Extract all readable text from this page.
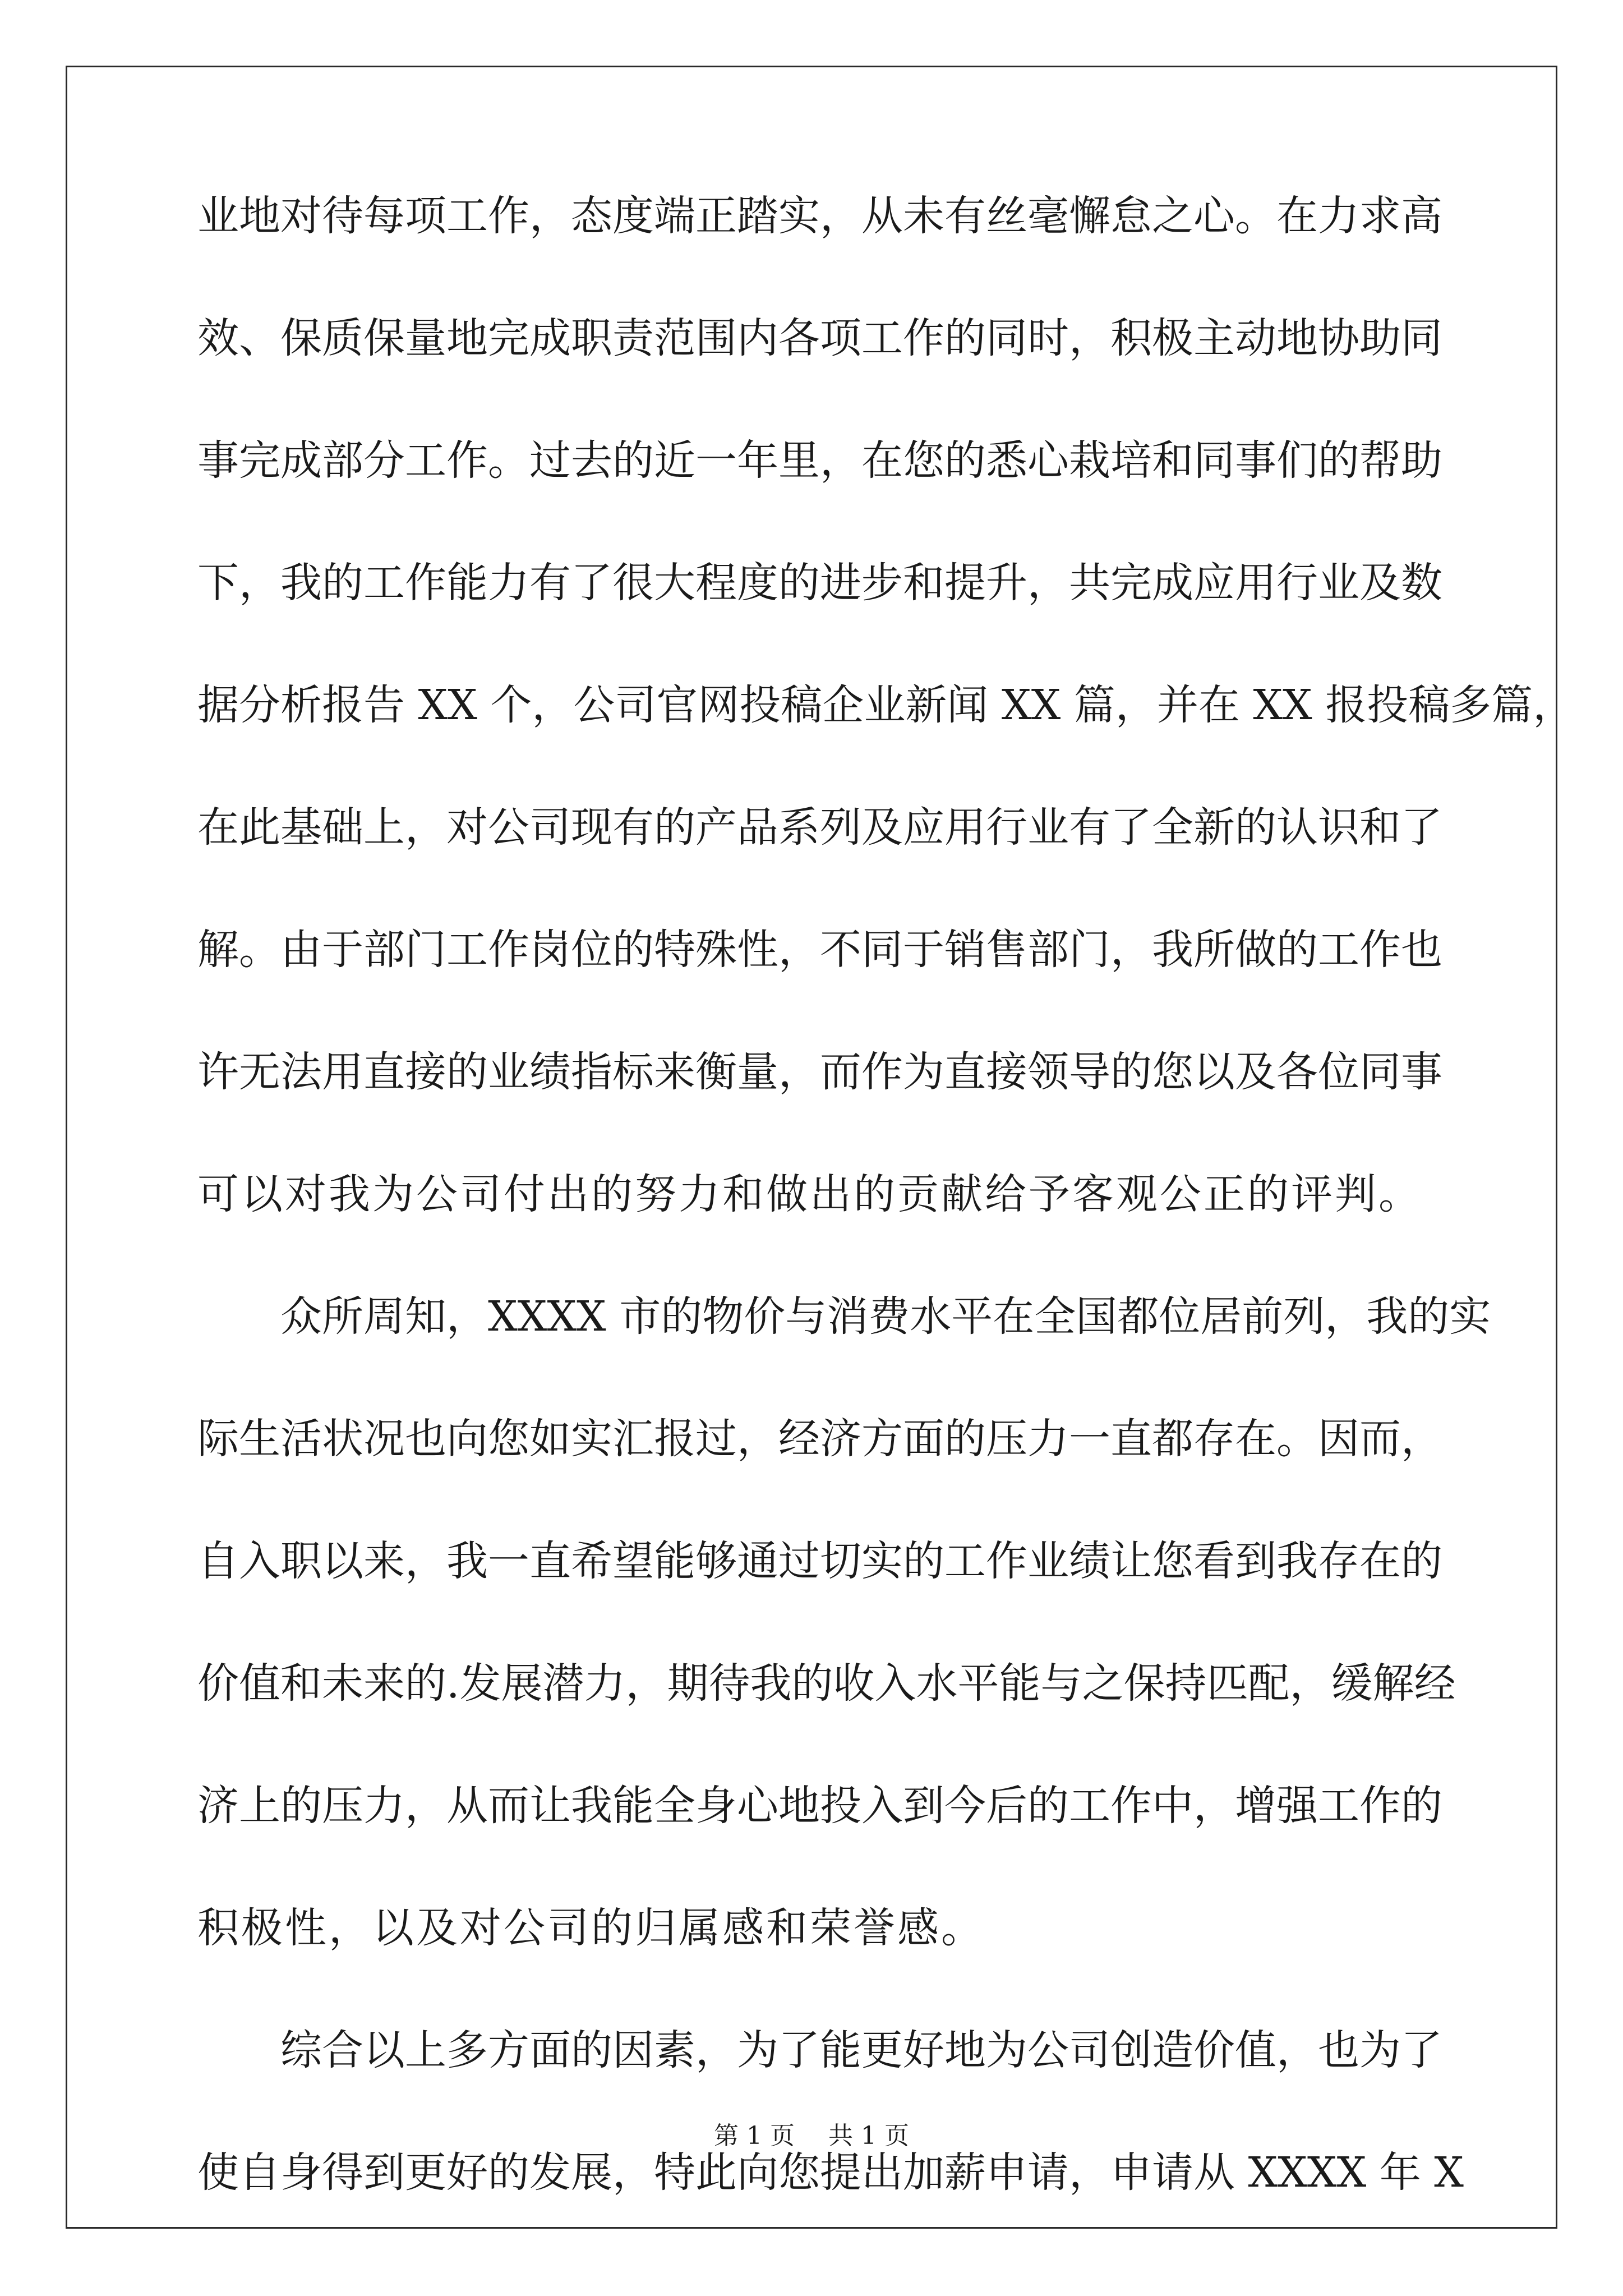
业地对待每项工作，态度端正踏实，从未有丝毫懈怠之心。在力求高
效、保质保量地完成职责范围内各项工作的同时，积极主动地协助同
事完成部分工作。过去的近一年里，在您的悉心栽培和同事们的帮助
下，我的工作能力有了很大程度的进步和提升，共完成应用行业及数
据分析报告 XX 个，公司官网投稿企业新闻 XX 篇，并在 XX 报投稿多篇，
在此基础上，对公司现有的产品系列及应用行业有了全新的认识和了
解。由于部门工作岗位的特殊性，不同于销售部门，我所做的工作也
许无法用直接的业绩指标来衡量，而作为直接领导的您以及各位同事
可以对我为公司付出的努力和做出的贡献给予客观公正的评判。
众所周知，XXXX 市的物价与消费水平在全国都位居前列，我的实
际生活状况也向您如实汇报过，经济方面的压力一直都存在。因而，
自入职以来，我一直希望能够通过切实的工作业绩让您看到我存在的
价值和未来的.发展潜力，期待我的收入水平能与之保持匹配，缓解经
济上的压力，从而让我能全身心地投入到今后的工作中，增强工作的
积极性，以及对公司的归属感和荣誉感。
综合以上多方面的因素，为了能更好地为公司创造价值，也为了
使自身得到更好的发展，特此向您提出加薪申请，申请从 XXXX 年 X
第 1 页 共 1 页
